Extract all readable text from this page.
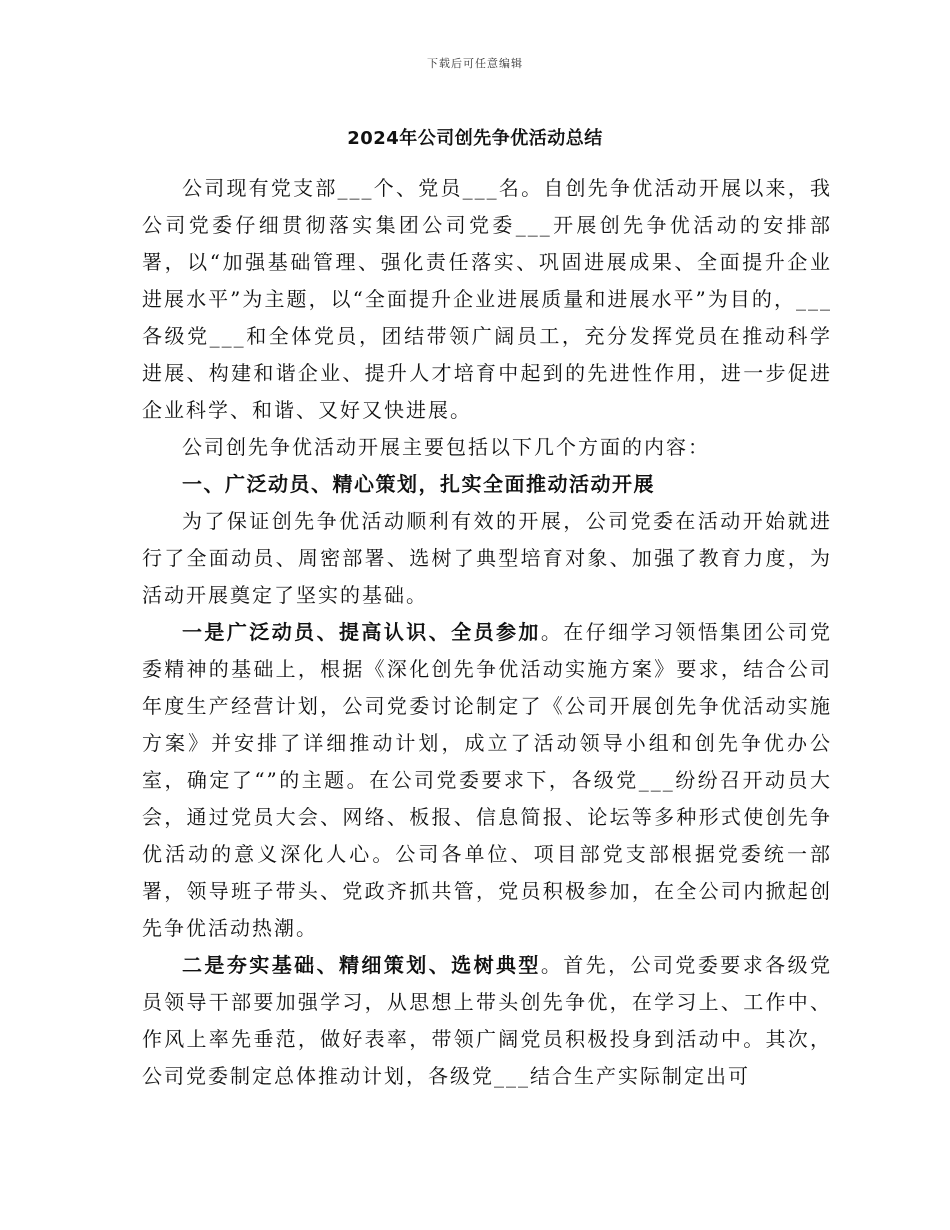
下载后可任意编辑
2024年公司创先争优活动总结

公司现有党支部___个、党员___名。自创先争优活动开展以来，我公司党委仔细贯彻落实集团公司党委___开展创先争优活动的安排部署，以“加强基础管理、强化责任落实、巩固进展成果、全面提升企业进展水平”为主题，以“全面提升企业进展质量和进展水平”为目的，___各级党___和全体党员，团结带领广阔员工，充分发挥党员在推动科学进展、构建和谐企业、提升人才培育中起到的先进性作用，进一步促进企业科学、和谐、又好又快进展。

公司创先争优活动开展主要包括以下几个方面的内容：

一、广泛动员、精心策划，扎实全面推动活动开展

为了保证创先争优活动顺利有效的开展，公司党委在活动开始就进行了全面动员、周密部署、选树了典型培育对象、加强了教育力度，为活动开展奠定了坚实的基础。

一是广泛动员、提高认识、全员参加。在仔细学习领悟集团公司党委精神的基础上，根据《深化创先争优活动实施方案》要求，结合公司年度生产经营计划，公司党委讨论制定了《公司开展创先争优活动实施方案》并安排了详细推动计划，成立了活动领导小组和创先争优办公室，确定了“”的主题。在公司党委要求下，各级党___纷纷召开动员大会，通过党员大会、网络、板报、信息简报、论坛等多种形式使创先争优活动的意义深化人心。公司各单位、项目部党支部根据党委统一部署，领导班子带头、党政齐抓共管，党员积极参加，在全公司内掀起创先争优活动热潮。

二是夯实基础、精细策划、选树典型。首先，公司党委要求各级党员领导干部要加强学习，从思想上带头创先争优，在学习上、工作中、作风上率先垂范，做好表率，带领广阔党员积极投身到活动中。其次，公司党委制定总体推动计划，各级党___结合生产实际制定出可
